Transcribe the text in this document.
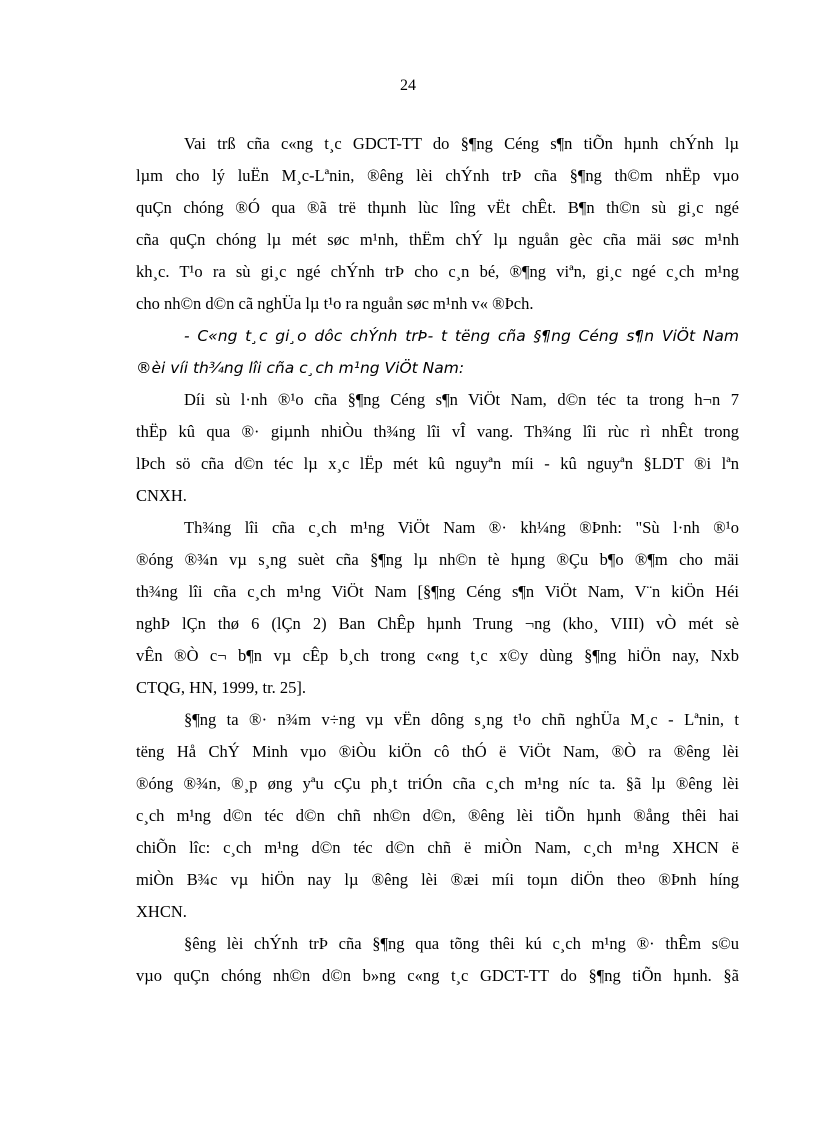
24
Vai trß cña c«ng t¸c GDCT-TT do §¶ng Céng s¶n tiÕn hµnh chÝnh lµ
lµm cho lý luËn M¸c-Lªnin, ®êng lèi chÝnh trÞ cña §¶ng th©m nhËp vµo
quÇn chóng ®Ó qua ®ã trë thµnh lùc lîng vËt chÊt. B¶n th©n sù gi¸c ngé
cña quÇn chóng lµ mét søc m¹nh, thËm chÝ lµ nguån gèc cña mäi søc m¹nh
kh¸c. T¹o ra sù gi¸c ngé chÝnh trÞ cho c¸n bé, ®¶ng viªn, gi¸c ngé c¸ch m¹ng
cho nh©n d©n cã nghÜa lµ t¹o ra nguån søc m¹nh v« ®Þch.
- C«ng t¸c gi¸o dôc chÝnh trÞ- t tëng cña §¶ng Céng s¶n ViÖt Nam
®èi víi th¾ng lîi cña c¸ch m¹ng ViÖt Nam:
Díi sù l·nh ®¹o cña §¶ng Céng s¶n ViÖt Nam, d©n téc ta trong h¬n 7
thËp kû qua ®· giµnh nhiÒu th¾ng lîi vÎ vang. Th¾ng lîi rùc rì nhÊt trong
lÞch sö cña d©n téc lµ x¸c lËp mét kû nguyªn míi - kû nguyªn §LDT ®i lªn
CNXH.
Th¾ng lîi cña c¸ch m¹ng ViÖt Nam ®· kh¼ng ®Þnh: "Sù l·nh ®¹o
®óng ®¾n vµ s¸ng suèt cña §¶ng lµ nh©n tè hµng ®Çu b¶o ®¶m cho mäi
th¾ng lîi cña c¸ch m¹ng ViÖt Nam [§¶ng Céng s¶n ViÖt Nam, V¨n kiÖn Héi
nghÞ lÇn thø 6 (lÇn 2) Ban ChÊp hµnh Trung ¬ng (kho¸ VIII) vÒ mét sè
vÊn ®Ò c¬ b¶n vµ cÊp b¸ch trong c«ng t¸c x©y dùng §¶ng hiÖn nay, Nxb
CTQG, HN, 1999, tr. 25].
§¶ng ta ®· n¾m v÷ng vµ vËn dông s¸ng t¹o chñ nghÜa M¸c - Lªnin, t
tëng Hå ChÝ Minh vµo ®iÒu kiÖn cô thÓ ë ViÖt Nam, ®Ò ra ®êng lèi
®óng ®¾n, ®¸p øng yªu cÇu ph¸t triÓn cña c¸ch m¹ng níc ta. §ã lµ ®êng lèi
c¸ch m¹ng d©n téc d©n chñ nh©n d©n, ®êng lèi tiÕn hµnh ®ång thêi hai
chiÕn lîc: c¸ch m¹ng d©n téc d©n chñ ë miÒn Nam, c¸ch m¹ng XHCN ë
miÒn B¾c vµ hiÖn nay lµ ®êng lèi ®æi míi toµn diÖn theo ®Þnh híng
XHCN.
§êng lèi chÝnh trÞ cña §¶ng qua tõng thêi kú c¸ch m¹ng ®· thÊm s©u
vµo quÇn chóng nh©n d©n b»ng c«ng t¸c GDCT-TT do §¶ng tiÕn hµnh. §ã
